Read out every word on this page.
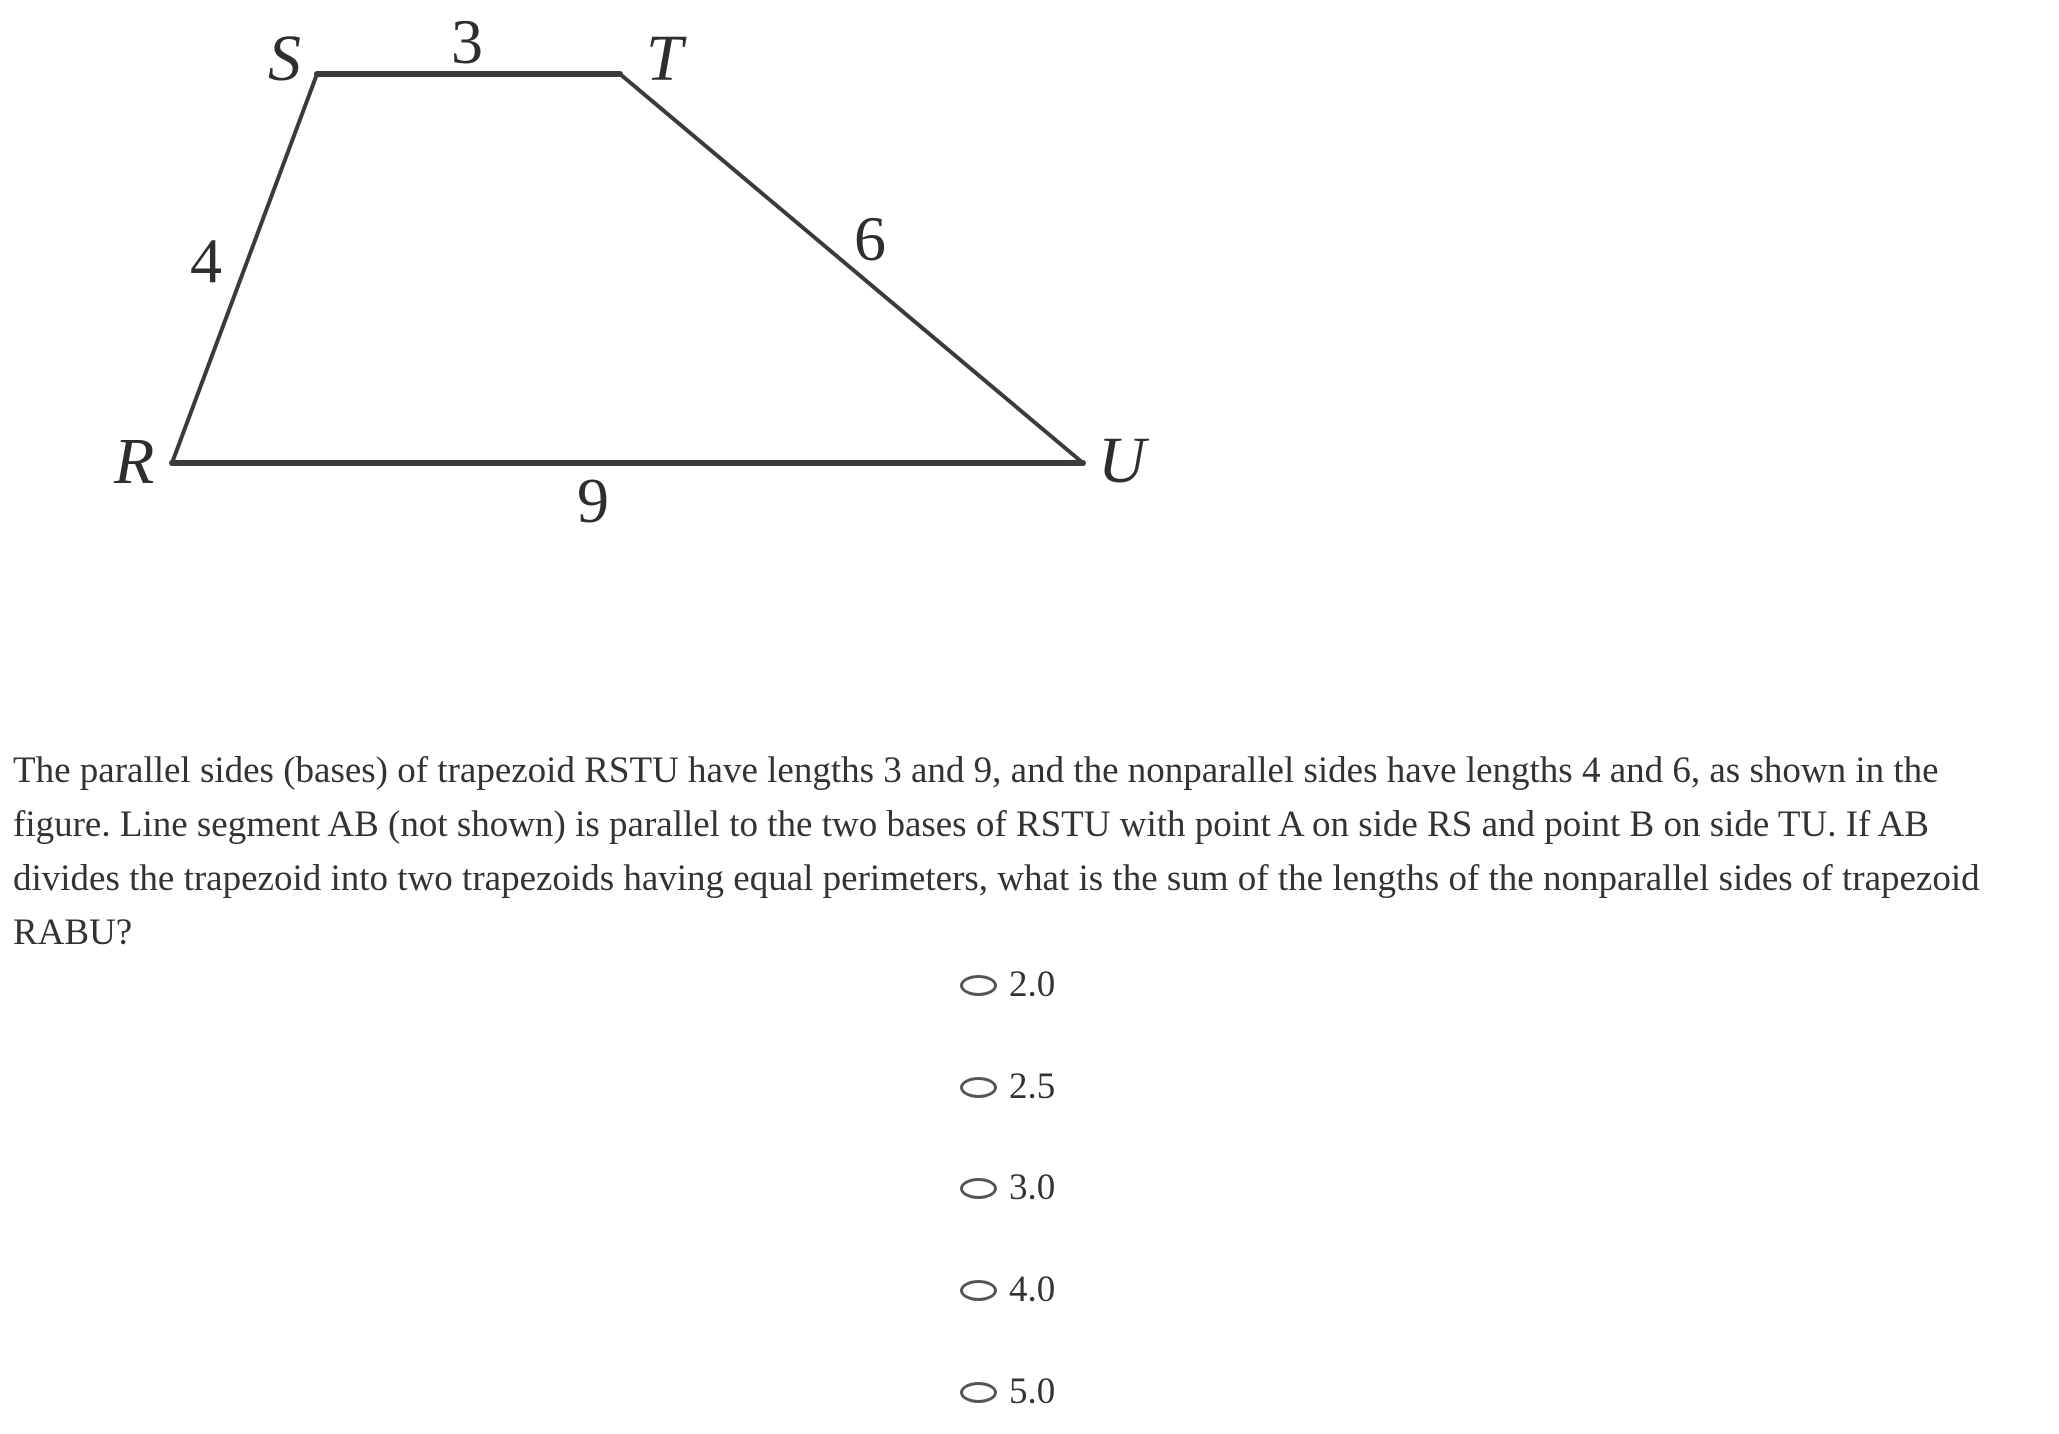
S	T
R	U
3
4	6
9
The parallel sides (bases) of trapezoid RSTU have lengths 3 and 9, and the nonparallel sides have lengths 4 and 6, as shown in the
figure. Line segment AB (not shown) is parallel to the two bases of RSTU with point A on side RS and point B on side TU. If AB
divides the trapezoid into two trapezoids having equal perimeters, what is the sum of the lengths of the nonparallel sides of trapezoid
RABU?
2.0
2.5
3.0
4.0
5.0
